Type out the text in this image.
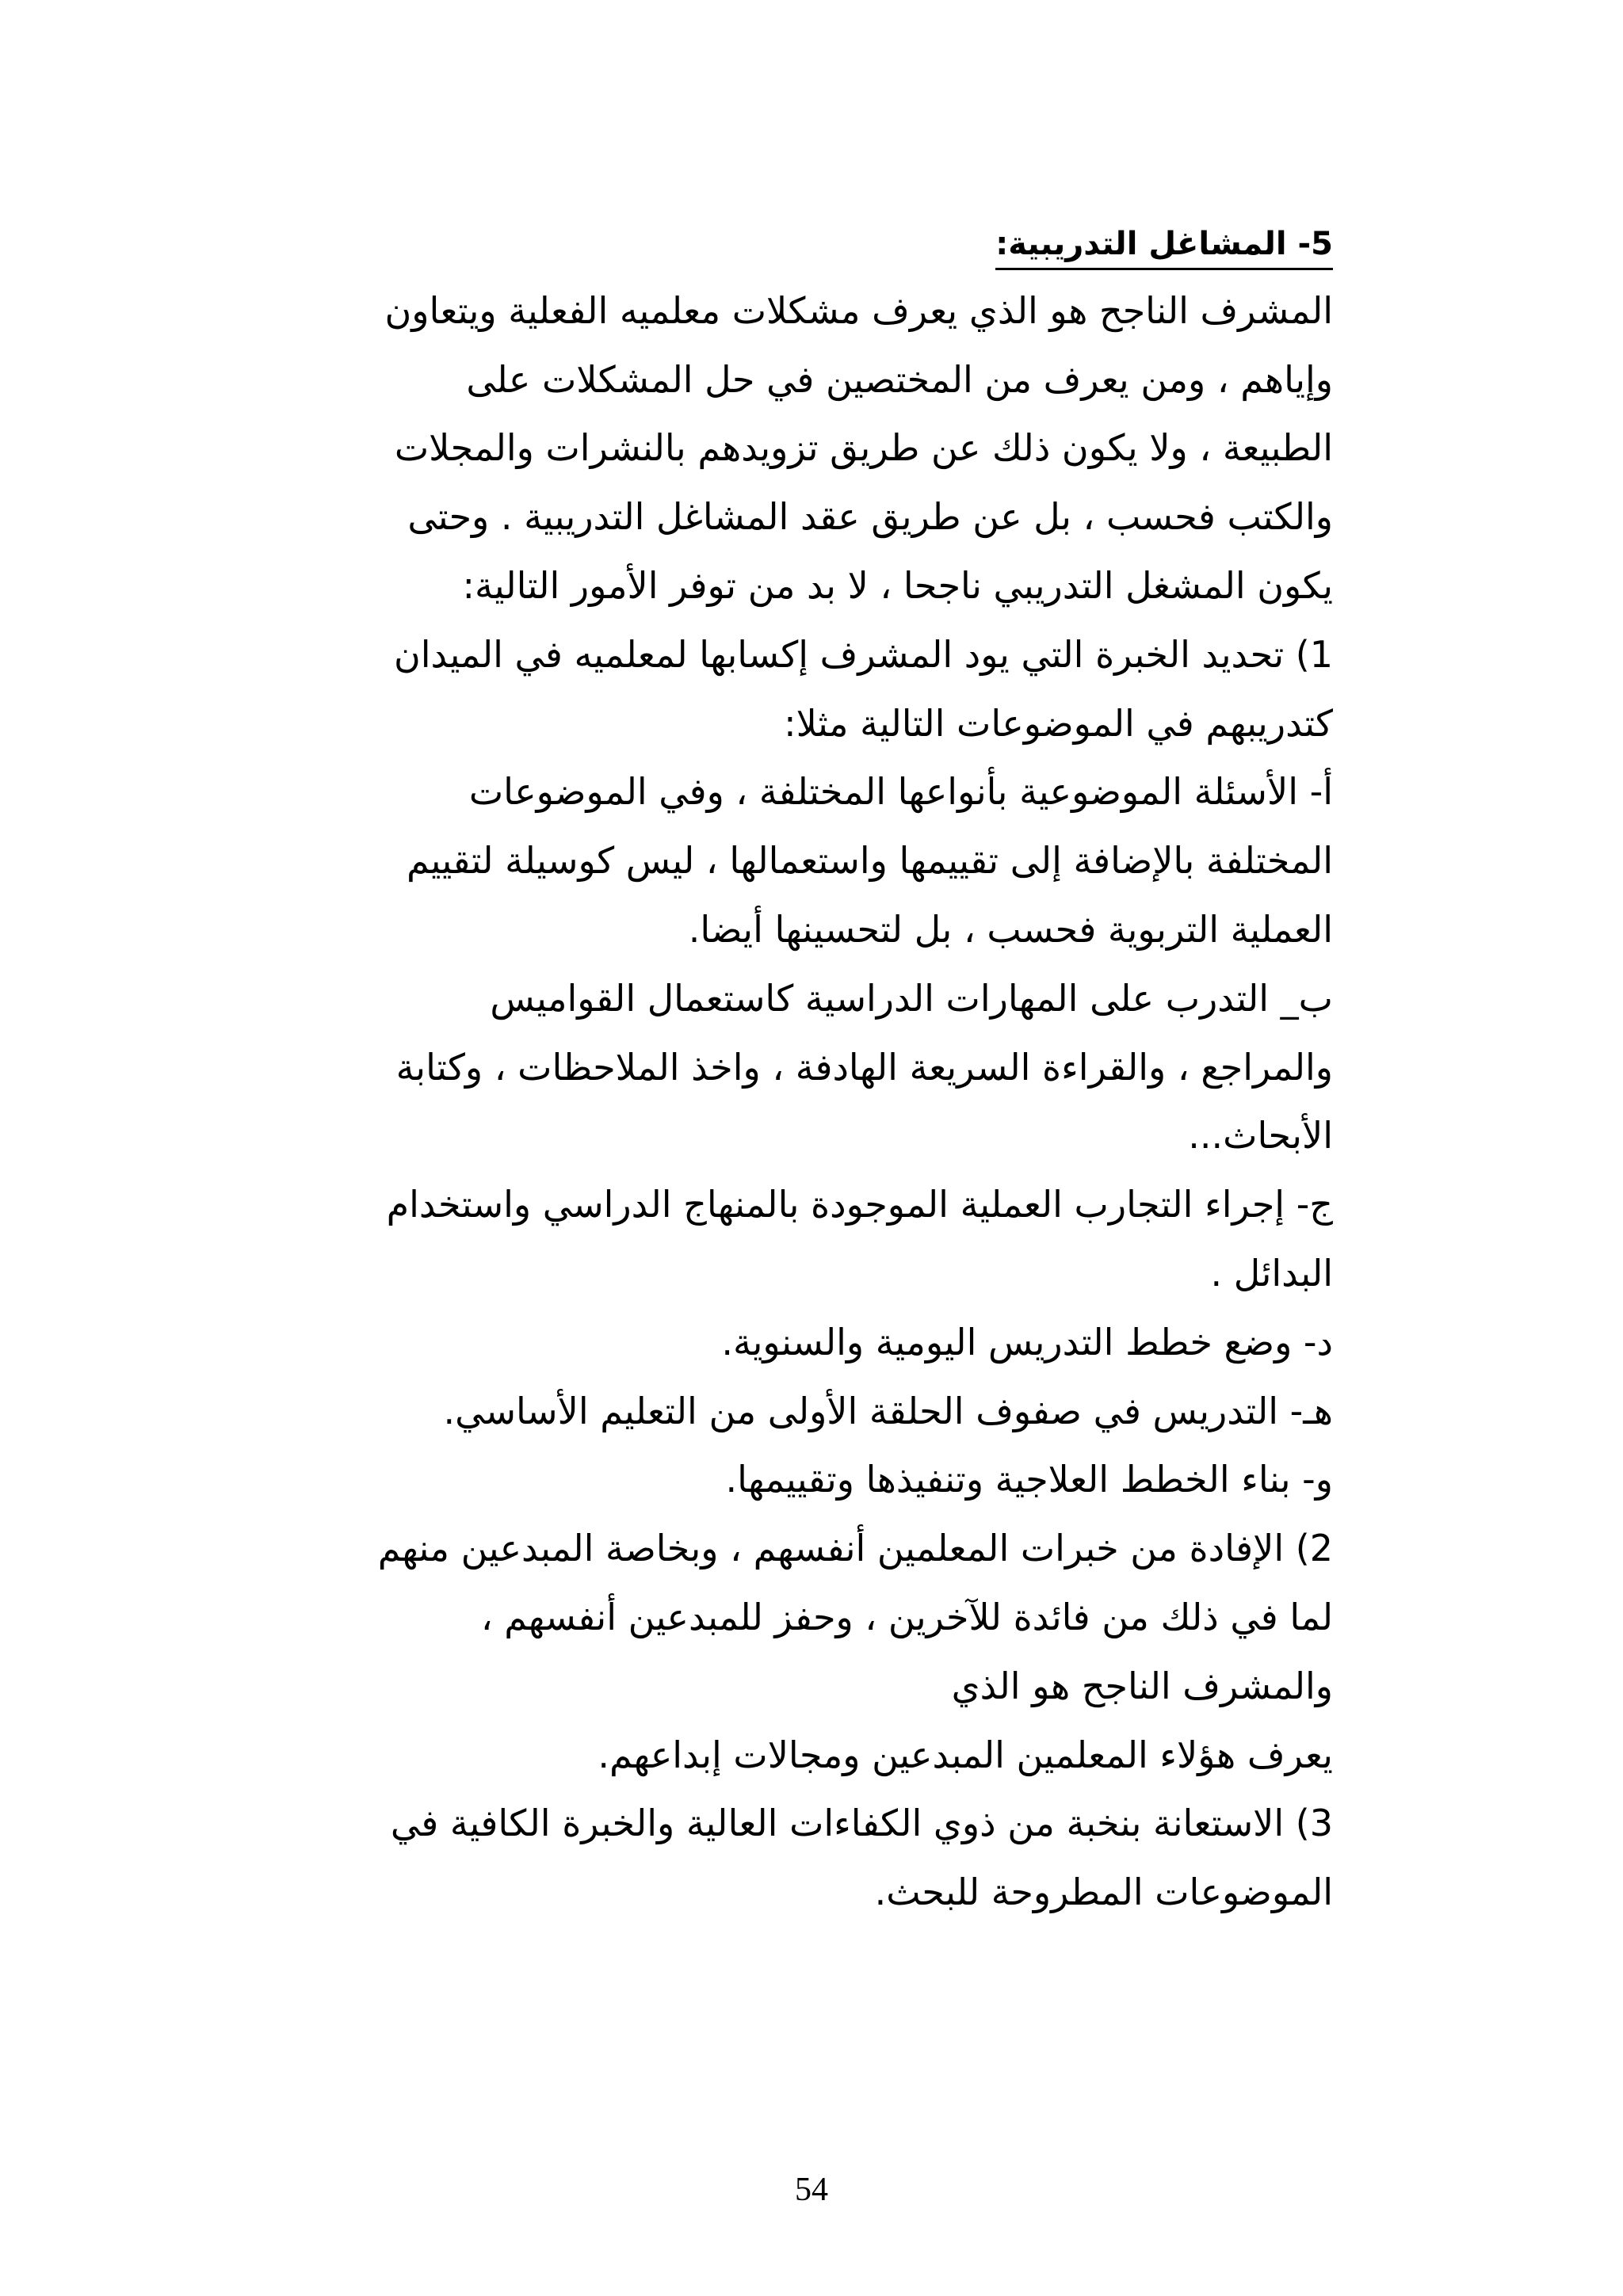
5- المشاغل التدريبية:

المشرف الناجح هو الذي يعرف مشكلات معلميه الفعلية ويتعاون

وإياهم ، ومن يعرف من المختصين في حل المشكلات على

الطبيعة ، ولا يكون ذلك عن طريق تزويدهم بالنشرات والمجلات

والكتب فحسب ، بل عن طريق عقد المشاغل التدريبية . وحتى

يكون المشغل التدريبي ناجحا ، لا بد من توفر الأمور التالية:

1) تحديد الخبرة التي يود المشرف إكسابها لمعلميه في الميدان

كتدريبهم في الموضوعات التالية مثلا:

أ- الأسئلة الموضوعية بأنواعها المختلفة ، وفي الموضوعات

المختلفة بالإضافة إلى تقييمها واستعمالها ، ليس كوسيلة لتقييم

العملية التربوية فحسب ، بل لتحسينها أيضا.

ب_ التدرب على المهارات الدراسية كاستعمال القواميس

والمراجع ، والقراءة السريعة الهادفة ، واخذ الملاحظات ، وكتابة

الأبحاث...

ج- إجراء التجارب العملية الموجودة بالمنهاج الدراسي واستخدام

البدائل .

د- وضع خطط التدريس اليومية والسنوية.

هـ- التدريس في صفوف الحلقة الأولى من التعليم الأساسي.

و- بناء الخطط العلاجية وتنفيذها وتقييمها.

2) الإفادة من خبرات المعلمين أنفسهم ، وبخاصة المبدعين منهم

لما في ذلك من فائدة للآخرين ، وحفز للمبدعين أنفسهم ،

والمشرف الناجح هو الذي

يعرف هؤلاء المعلمين المبدعين ومجالات إبداعهم.

3) الاستعانة بنخبة من ذوي الكفاءات العالية والخبرة الكافية في

الموضوعات المطروحة للبحث.

54
